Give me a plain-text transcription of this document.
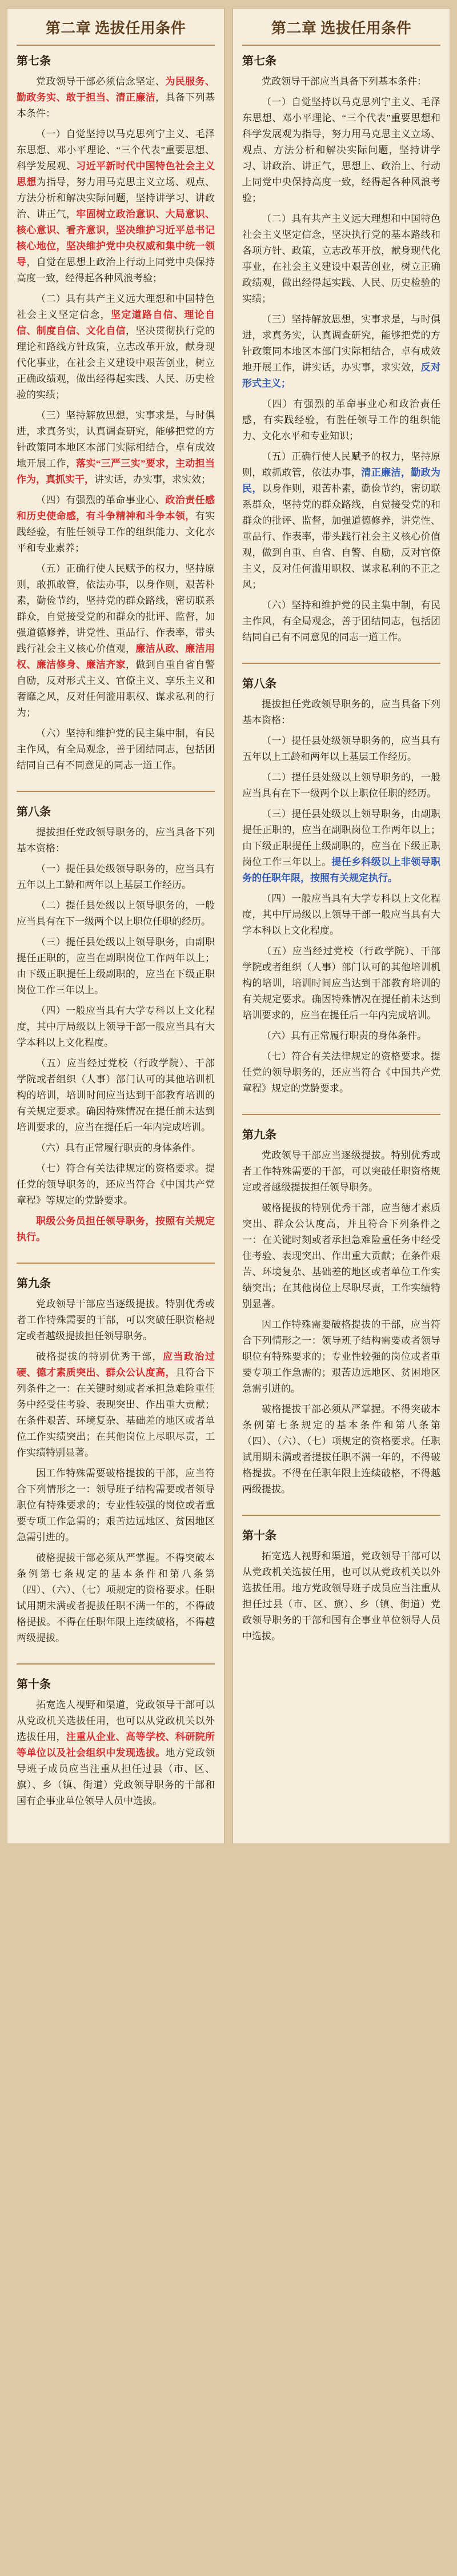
第二章 选拔任用条件
第七条

党政领导干部必须信念坚定、为民服务、勤政务实、敢于担当、清正廉洁，具备下列基本条件：

（一）自觉坚持以马克思列宁主义、毛泽东思想、邓小平理论、“三个代表”重要思想、科学发展观、习近平新时代中国特色社会主义思想为指导，努力用马克思主义立场、观点、方法分析和解决实际问题，坚持讲学习、讲政治、讲正气，牢固树立政治意识、大局意识、核心意识、看齐意识，坚决维护习近平总书记核心地位，坚决维护党中央权威和集中统一领导，自觉在思想上政治上行动上同党中央保持高度一致，经得起各种风浪考验；

（二）具有共产主义远大理想和中国特色社会主义坚定信念，坚定道路自信、理论自信、制度自信、文化自信，坚决贯彻执行党的理论和路线方针政策，立志改革开放，献身现代化事业，在社会主义建设中艰苦创业，树立正确政绩观，做出经得起实践、人民、历史检验的实绩；

（三）坚持解放思想，实事求是，与时俱进，求真务实，认真调查研究，能够把党的方针政策同本地区本部门实际相结合，卓有成效地开展工作，落实“三严三实”要求，主动担当作为，真抓实干，讲实话，办实事，求实效；

（四）有强烈的革命事业心、政治责任感和历史使命感，有斗争精神和斗争本领，有实践经验，有胜任领导工作的组织能力、文化水平和专业素养；

（五）正确行使人民赋予的权力，坚持原则，敢抓敢管，依法办事，以身作则，艰苦朴素，勤俭节约，坚持党的群众路线，密切联系群众，自觉接受党的和群众的批评、监督，加强道德修养，讲党性、重品行、作表率，带头践行社会主义核心价值观，廉洁从政、廉洁用权、廉洁修身、廉洁齐家，做到自重自省自警自励，反对形式主义、官僚主义、享乐主义和奢靡之风，反对任何滥用职权、谋求私利的行为；

（六）坚持和维护党的民主集中制，有民主作风，有全局观念，善于团结同志，包括团结同自己有不同意见的同志一道工作。

第八条

提拔担任党政领导职务的，应当具备下列基本资格：

（一）提任县处级领导职务的，应当具有五年以上工龄和两年以上基层工作经历。

（二）提任县处级以上领导职务的，一般应当具有在下一级两个以上职位任职的经历。

（三）提任县处级以上领导职务，由副职提任正职的，应当在副职岗位工作两年以上；由下级正职提任上级副职的，应当在下级正职岗位工作三年以上。

（四）一般应当具有大学专科以上文化程度，其中厅局级以上领导干部一般应当具有大学本科以上文化程度。

（五）应当经过党校（行政学院）、干部学院或者组织（人事）部门认可的其他培训机构的培训，培训时间应当达到干部教育培训的有关规定要求。确因特殊情况在提任前未达到培训要求的，应当在提任后一年内完成培训。

（六）具有正常履行职责的身体条件。

（七）符合有关法律规定的资格要求。提任党的领导职务的，还应当符合《中国共产党章程》等规定的党龄要求。

职级公务员担任领导职务，按照有关规定执行。

第九条

党政领导干部应当逐级提拔。特别优秀或者工作特殊需要的干部，可以突破任职资格规定或者越级提拔担任领导职务。

破格提拔的特别优秀干部，应当政治过硬、德才素质突出、群众公认度高，且符合下列条件之一：在关键时刻或者承担急难险重任务中经受住考验、表现突出、作出重大贡献；在条件艰苦、环境复杂、基础差的地区或者单位工作实绩突出；在其他岗位上尽职尽责，工作实绩特别显著。

因工作特殊需要破格提拔的干部，应当符合下列情形之一：领导班子结构需要或者领导职位有特殊要求的；专业性较强的岗位或者重要专项工作急需的；艰苦边远地区、贫困地区急需引进的。

破格提拔干部必须从严掌握。不得突破本条例第七条规定的基本条件和第八条第（四）、（六）、（七）项规定的资格要求。任职试用期未满或者提拔任职不满一年的，不得破格提拔。不得在任职年限上连续破格，不得越两级提拔。

第十条

拓宽选人视野和渠道，党政领导干部可以从党政机关选拔任用，也可以从党政机关以外选拔任用，注重从企业、高等学校、科研院所等单位以及社会组织中发现选拔。地方党政领导班子成员应当注重从担任过县（市、区、旗）、乡（镇、街道）党政领导职务的干部和国有企事业单位领导人员中选拔。

第二章 选拔任用条件
第七条

党政领导干部应当具备下列基本条件：

（一）自觉坚持以马克思列宁主义、毛泽东思想、邓小平理论、“三个代表”重要思想和科学发展观为指导，努力用马克思主义立场、观点、方法分析和解决实际问题，坚持讲学习、讲政治、讲正气，思想上、政治上、行动上同党中央保持高度一致，经得起各种风浪考验；

（二）具有共产主义远大理想和中国特色社会主义坚定信念，坚决执行党的基本路线和各项方针、政策，立志改革开放，献身现代化事业，在社会主义建设中艰苦创业，树立正确政绩观，做出经得起实践、人民、历史检验的实绩；

（三）坚持解放思想，实事求是，与时俱进，求真务实，认真调查研究，能够把党的方针政策同本地区本部门实际相结合，卓有成效地开展工作，讲实话，办实事，求实效，反对形式主义；

（四）有强烈的革命事业心和政治责任感，有实践经验，有胜任领导工作的组织能力、文化水平和专业知识；

（五）正确行使人民赋予的权力，坚持原则，敢抓敢管，依法办事，清正廉洁，勤政为民，以身作则，艰苦朴素，勤俭节约，密切联系群众，坚持党的群众路线，自觉接受党的和群众的批评、监督，加强道德修养，讲党性、重品行、作表率，带头践行社会主义核心价值观，做到自重、自省、自警、自励，反对官僚主义，反对任何滥用职权、谋求私利的不正之风；

（六）坚持和维护党的民主集中制，有民主作风，有全局观念，善于团结同志，包括团结同自己有不同意见的同志一道工作。

第八条

提拔担任党政领导职务的，应当具备下列基本资格：

（一）提任县处级领导职务的，应当具有五年以上工龄和两年以上基层工作经历。

（二）提任县处级以上领导职务的，一般应当具有在下一级两个以上职位任职的经历。

（三）提任县处级以上领导职务，由副职提任正职的，应当在副职岗位工作两年以上；由下级正职提任上级副职的，应当在下级正职岗位工作三年以上。提任乡科级以上非领导职务的任职年限，按照有关规定执行。

（四）一般应当具有大学专科以上文化程度，其中厅局级以上领导干部一般应当具有大学本科以上文化程度。

（五）应当经过党校（行政学院）、干部学院或者组织（人事）部门认可的其他培训机构的培训，培训时间应当达到干部教育培训的有关规定要求。确因特殊情况在提任前未达到培训要求的，应当在提任后一年内完成培训。

（六）具有正常履行职责的身体条件。

（七）符合有关法律规定的资格要求。提任党的领导职务的，还应当符合《中国共产党章程》规定的党龄要求。

第九条

党政领导干部应当逐级提拔。特别优秀或者工作特殊需要的干部，可以突破任职资格规定或者越级提拔担任领导职务。

破格提拔的特别优秀干部，应当德才素质突出、群众公认度高，并且符合下列条件之一：在关键时刻或者承担急难险重任务中经受住考验、表现突出、作出重大贡献；在条件艰苦、环境复杂、基础差的地区或者单位工作实绩突出；在其他岗位上尽职尽责，工作实绩特别显著。

因工作特殊需要破格提拔的干部，应当符合下列情形之一：领导班子结构需要或者领导职位有特殊要求的；专业性较强的岗位或者重要专项工作急需的；艰苦边远地区、贫困地区急需引进的。

破格提拔干部必须从严掌握。不得突破本条例第七条规定的基本条件和第八条第（四）、（六）、（七）项规定的资格要求。任职试用期未满或者提拔任职不满一年的，不得破格提拔。不得在任职年限上连续破格，不得越两级提拔。

第十条

拓宽选人视野和渠道，党政领导干部可以从党政机关选拔任用，也可以从党政机关以外选拔任用。地方党政领导班子成员应当注重从担任过县（市、区、旗）、乡（镇、街道）党政领导职务的干部和国有企事业单位领导人员中选拔。
